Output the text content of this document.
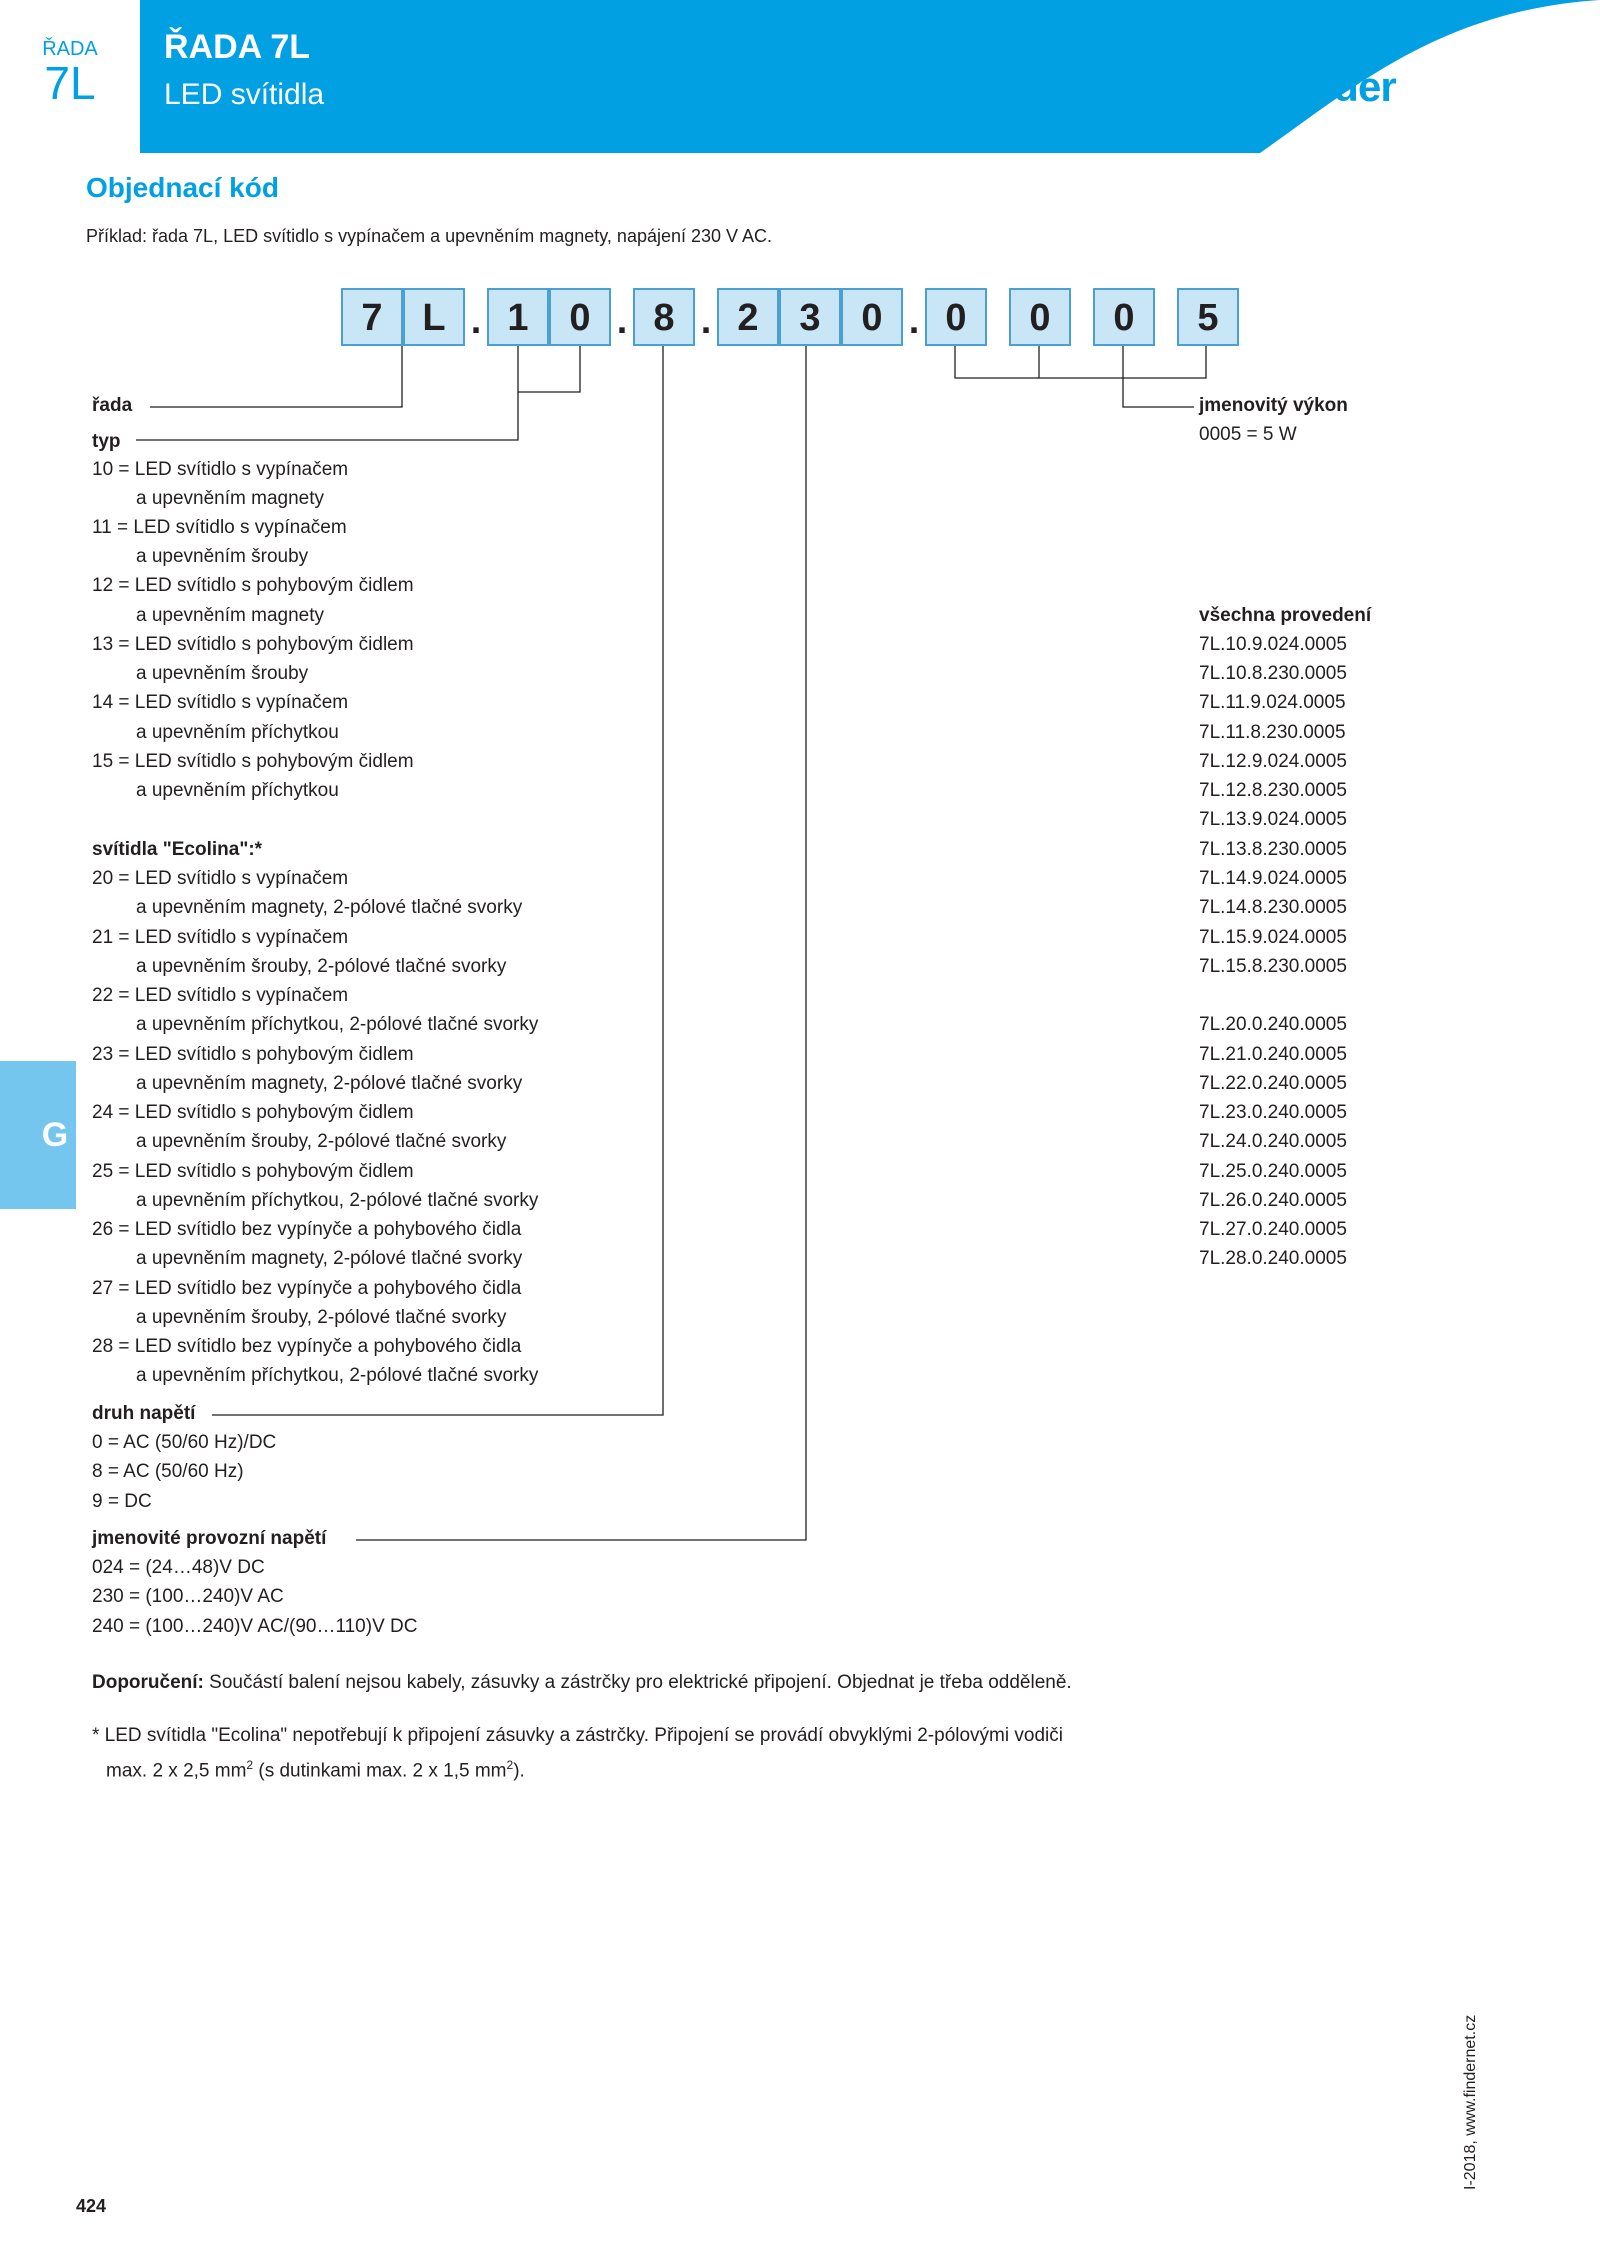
ŘADA
7L
ŘADA 7L
LED svítidla	finder
Objednací kód
Příklad: řada 7L, LED svítidlo s vypínačem a upevněním magnety, napájení 230 V AC.
7	L . 1	0 . 8 . 2	3	0 . 0	0	0	5
řada
typ
10 = LED svítidlo s vypínačem
a upevněním magnety
11 = LED svítidlo s vypínačem
a upevněním šrouby
12 = LED svítidlo s pohybovým čidlem
a upevněním magnety
13 = LED svítidlo s pohybovým čidlem
a upevněním šrouby
14 = LED svítidlo s vypínačem
a upevněním příchytkou
15 = LED svítidlo s pohybovým čidlem
a upevněním příchytkou
svítidla "Ecolina":*
20 = LED svítidlo s vypínačem
a upevněním magnety, 2-pólové tlačné svorky
21 = LED svítidlo s vypínačem
a upevněním šrouby, 2-pólové tlačné svorky
22 = LED svítidlo s vypínačem
a upevněním příchytkou, 2-pólové tlačné svorky
23 = LED svítidlo s pohybovým čidlem
a upevněním magnety, 2-pólové tlačné svorky
24 = LED svítidlo s pohybovým čidlem
a upevněním šrouby, 2-pólové tlačné svorky
25 = LED svítidlo s pohybovým čidlem
a upevněním příchytkou, 2-pólové tlačné svorky
26 = LED svítidlo bez vypínyče a pohybového čidla
a upevněním magnety, 2-pólové tlačné svorky
27 = LED svítidlo bez vypínyče a pohybového čidla
a upevněním šrouby, 2-pólové tlačné svorky
28 = LED svítidlo bez vypínyče a pohybového čidla
a upevněním příchytkou, 2-pólové tlačné svorky
druh napětí
0 = AC (50/60 Hz)/DC
8 = AC (50/60 Hz)
9 = DC
jmenovité provozní napětí
024 = (24…48)V DC
230 = (100…240)V AC
240 = (100…240)V AC/(90…110)V DC
jmenovitý výkon
0005 = 5 W
všechna provedení
7L.10.9.024.0005
7L.10.8.230.0005
7L.11.9.024.0005
7L.11.8.230.0005
7L.12.9.024.0005
7L.12.8.230.0005
7L.13.9.024.0005
7L.13.8.230.0005
7L.14.9.024.0005
7L.14.8.230.0005
7L.15.9.024.0005
7L.15.8.230.0005
7L.20.0.240.0005
7L.21.0.240.0005
7L.22.0.240.0005
7L.23.0.240.0005
7L.24.0.240.0005
7L.25.0.240.0005
7L.26.0.240.0005
7L.27.0.240.0005
7L.28.0.240.0005
Doporučení: Součástí balení nejsou kabely, zásuvky a zástrčky pro elektrické připojení. Objednat je třeba odděleně.
* LED svítidla "Ecolina" nepotřebují k připojení zásuvky a zástrčky. Připojení se provádí obvyklými 2-pólovými vodiči
max. 2 x 2,5 $mm^2$ (s dutinkami max. 2 x 1,5 $mm^2$).
G
424
I-2018, www.findernet.cz
